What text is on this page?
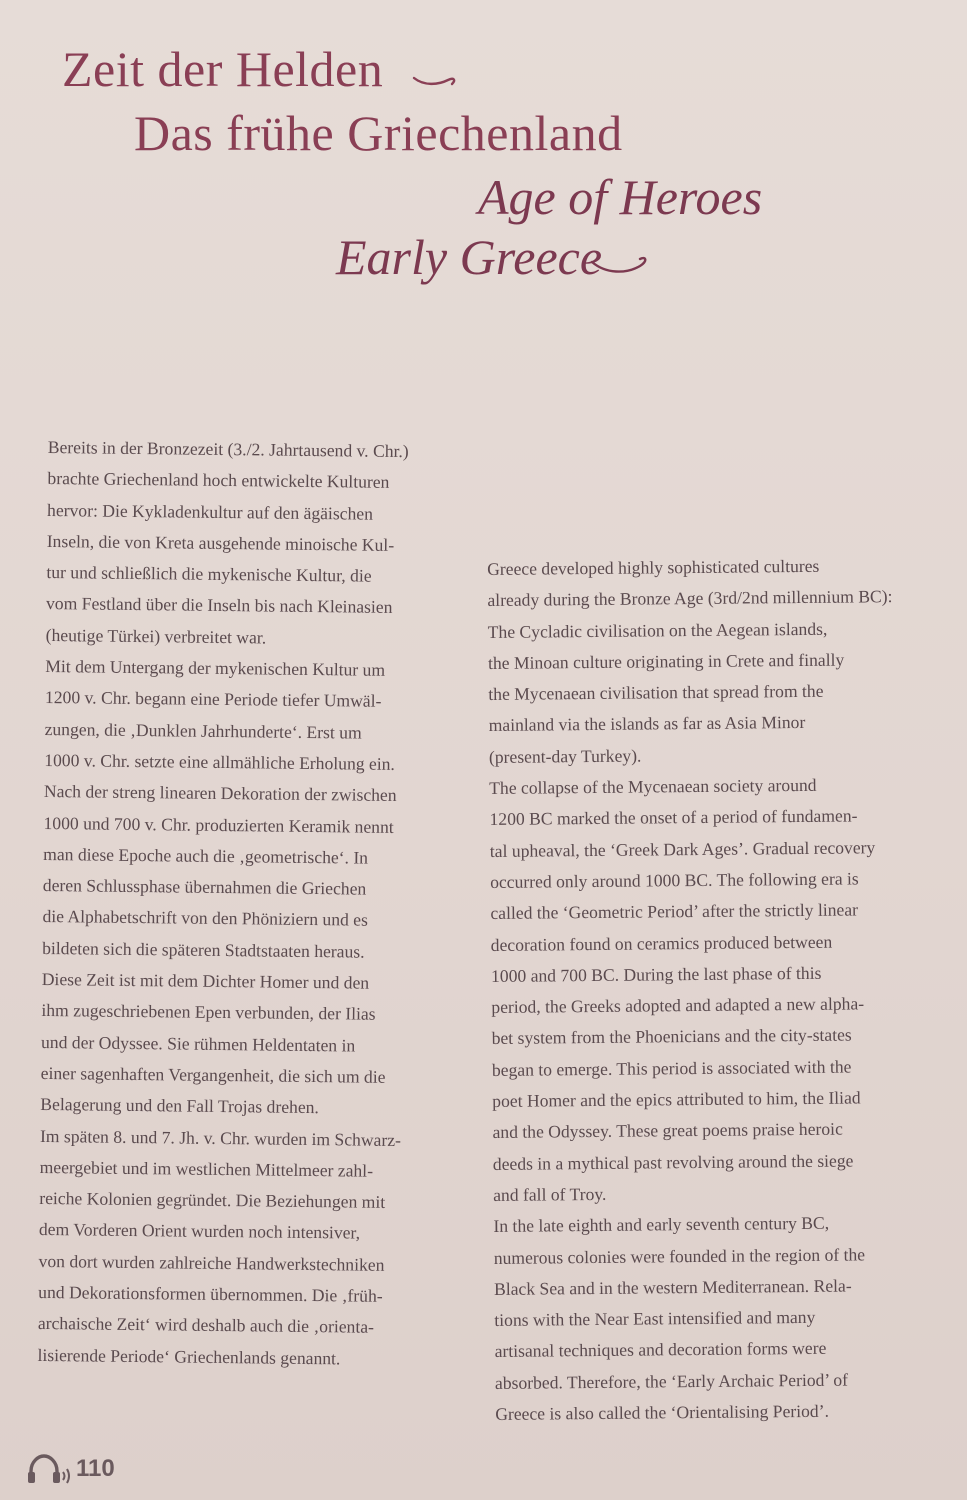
Zeit der Helden
Das frühe Griechenland
Age of Heroes
Early Greece
Bereits in der Bronzezeit (3./2. Jahrtausend v. Chr.)
brachte Griechenland hoch entwickelte Kulturen
hervor: Die Kykladenkultur auf den ägäischen
Inseln, die von Kreta ausgehende minoische Kul-
tur und schließlich die mykenische Kultur, die
vom Festland über die Inseln bis nach Kleinasien
(heutige Türkei) verbreitet war.
Mit dem Untergang der mykenischen Kultur um
1200 v. Chr. begann eine Periode tiefer Umwäl-
zungen, die ‚Dunklen Jahrhunderte‘. Erst um
1000 v. Chr. setzte eine allmähliche Erholung ein.
Nach der streng linearen Dekoration der zwischen
1000 und 700 v. Chr. produzierten Keramik nennt
man diese Epoche auch die ‚geometrische‘. In
deren Schlussphase übernahmen die Griechen
die Alphabetschrift von den Phöniziern und es
bildeten sich die späteren Stadtstaaten heraus.
Diese Zeit ist mit dem Dichter Homer und den
ihm zugeschriebenen Epen verbunden, der Ilias
und der Odyssee. Sie rühmen Heldentaten in
einer sagenhaften Vergangenheit, die sich um die
Belagerung und den Fall Trojas drehen.
Im späten 8. und 7. Jh. v. Chr. wurden im Schwarz-
meergebiet und im westlichen Mittelmeer zahl-
reiche Kolonien gegründet. Die Beziehungen mit
dem Vorderen Orient wurden noch intensiver,
von dort wurden zahlreiche Handwerkstechniken
und Dekorationsformen übernommen. Die ‚früh-
archaische Zeit‘ wird deshalb auch die ‚orienta-
lisierende Periode‘ Griechenlands genannt.
Greece developed highly sophisticated cultures
already during the Bronze Age (3rd/2nd millennium BC):
The Cycladic civilisation on the Aegean islands,
the Minoan culture originating in Crete and finally
the Mycenaean civilisation that spread from the
mainland via the islands as far as Asia Minor
(present-day Turkey).
The collapse of the Mycenaean society around
1200 BC marked the onset of a period of fundamen-
tal upheaval, the ‘Greek Dark Ages’. Gradual recovery
occurred only around 1000 BC. The following era is
called the ‘Geometric Period’ after the strictly linear
decoration found on ceramics produced between
1000 and 700 BC. During the last phase of this
period, the Greeks adopted and adapted a new alpha-
bet system from the Phoenicians and the city-states
began to emerge. This period is associated with the
poet Homer and the epics attributed to him, the Iliad
and the Odyssey. These great poems praise heroic
deeds in a mythical past revolving around the siege
and fall of Troy.
In the late eighth and early seventh century BC,
numerous colonies were founded in the region of the
Black Sea and in the western Mediterranean. Rela-
tions with the Near East intensified and many
artisanal techniques and decoration forms were
absorbed. Therefore, the ‘Early Archaic Period’ of
Greece is also called the ‘Orientalising Period’.
110
